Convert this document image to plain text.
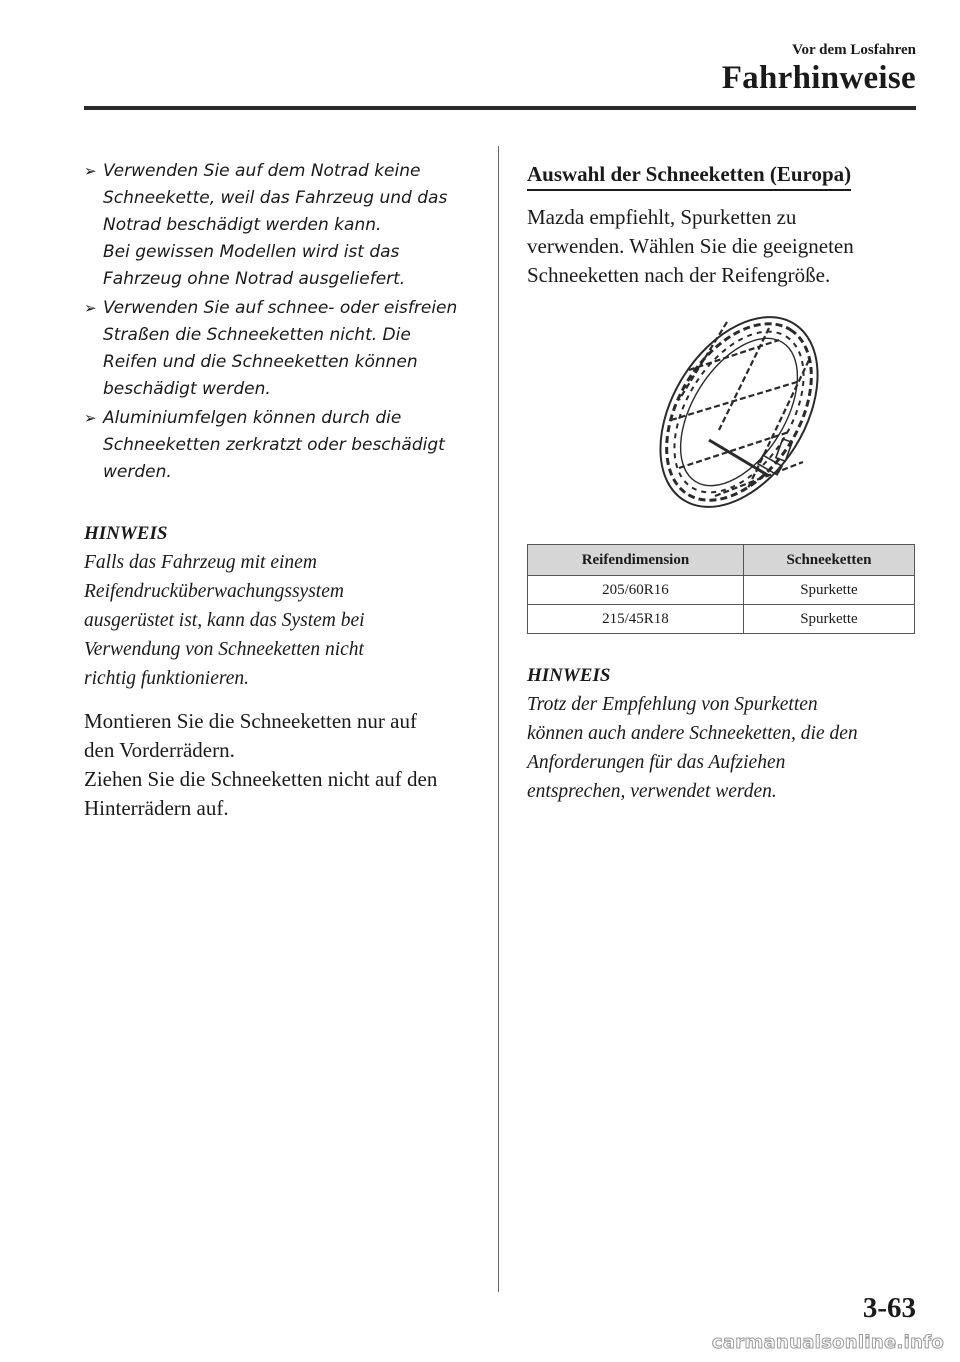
Vor dem Losfahren
Fahrhinweise
➢ Verwenden Sie auf dem Notrad keine
Schneekette, weil das Fahrzeug und das
Notrad beschädigt werden kann.
Bei gewissen Modellen wird ist das
Fahrzeug ohne Notrad ausgeliefert.
➢ Verwenden Sie auf schnee- oder eisfreien
Straßen die Schneeketten nicht. Die
Reifen und die Schneeketten können
beschädigt werden.
➢ Aluminiumfelgen können durch die
Schneeketten zerkratzt oder beschädigt
werden.
HINWEIS
Falls das Fahrzeug mit einem
Reifendrucküberwachungssystem
ausgerüstet ist, kann das System bei
Verwendung von Schneeketten nicht
richtig funktionieren.
Montieren Sie die Schneeketten nur auf
den Vorderrädern.
Ziehen Sie die Schneeketten nicht auf den
Hinterrädern auf.
Auswahl der Schneeketten (Europa)
Mazda empfiehlt, Spurketten zu
verwenden. Wählen Sie die geeigneten
Schneeketten nach der Reifengröße.
Reifendimension	Schneeketten
205/60R16	Spurkette
215/45R18	Spurkette
HINWEIS
Trotz der Empfehlung von Spurketten
können auch andere Schneeketten, die den
Anforderungen für das Aufziehen
entsprechen, verwendet werden.
3-63
carmanualsonline.info
